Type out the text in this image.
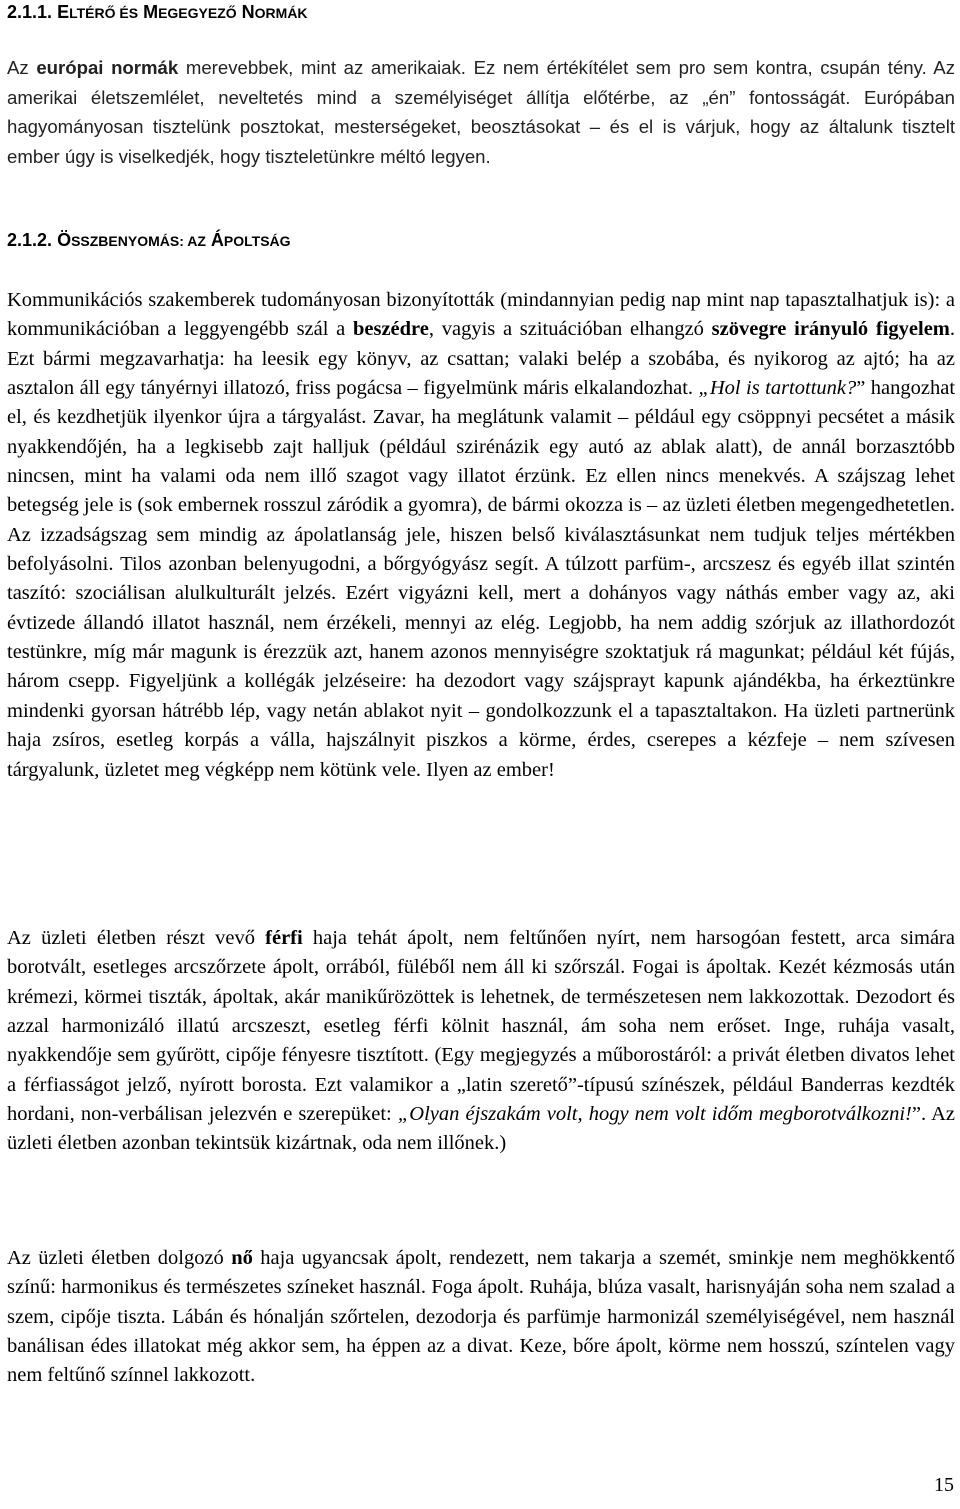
2.1.1. ELTÉRŐ ÉS MEGEGYEZŐ NORMÁK

Az európai normák merevebbek, mint az amerikaiak. Ez nem értékítélet sem pro sem kontra, csupán tény. Az amerikai életszemlélet, neveltetés mind a személyiséget állítja előtérbe, az „én” fontosságát. Európában hagyományosan tisztelünk posztokat, mesterségeket, beosztásokat – és el is várjuk, hogy az általunk tisztelt ember úgy is viselkedjék, hogy tiszteletünkre méltó legyen.

2.1.2. ÖSSZBENYOMÁS: AZ ÁPOLTSÁG

Kommunikációs szakemberek tudományosan bizonyították (mindannyian pedig nap mint nap tapasztalhatjuk is): a kommunikációban a leggyengébb szál a beszédre, vagyis a szituációban elhangzó szövegre irányuló figyelem. Ezt bármi megzavarhatja: ha leesik egy könyv, az csattan; valaki belép a szobába, és nyikorog az ajtó; ha az asztalon áll egy tányérnyi illatozó, friss pogácsa – figyelmünk máris elkalandozhat. „Hol is tartottunk?” hangozhat el, és kezdhetjük ilyenkor újra a tárgyalást. Zavar, ha meglátunk valamit – például egy csöppnyi pecsétet a másik nyakkendőjén, ha a legkisebb zajt halljuk (például szirénázik egy autó az ablak alatt), de annál borzasztóbb nincsen, mint ha valami oda nem illő szagot vagy illatot érzünk. Ez ellen nincs menekvés. A szájszag lehet betegség jele is (sok embernek rosszul záródik a gyomra), de bármi okozza is – az üzleti életben megengedhetetlen. Az izzadságszag sem mindig az ápolatlanság jele, hiszen belső kiválasztásunkat nem tudjuk teljes mértékben befolyásolni. Tilos azonban belenyugodni, a bőrgyógyász segít. A túlzott parfüm-, arcszesz és egyéb illat szintén taszító: szociálisan alulkulturált jelzés. Ezért vigyázni kell, mert a dohányos vagy náthás ember vagy az, aki évtizede állandó illatot használ, nem érzékeli, mennyi az elég. Legjobb, ha nem addig szórjuk az illathordozót testünkre, míg már magunk is érezzük azt, hanem azonos mennyiségre szoktatjuk rá magunkat; például két fújás, három csepp. Figyeljünk a kollégák jelzéseire: ha dezodort vagy szájsprayt kapunk ajándékba, ha érkeztünkre mindenki gyorsan hátrébb lép, vagy netán ablakot nyit – gondolkozzunk el a tapasztaltakon. Ha üzleti partnerünk haja zsíros, esetleg korpás a válla, hajszálnyit piszkos a körme, érdes, cserepes a kézfeje – nem szívesen tárgyalunk, üzletet meg végképp nem kötünk vele. Ilyen az ember!

Az üzleti életben részt vevő férfi haja tehát ápolt, nem feltűnően nyírt, nem harsogóan festett, arca simára borotvált, esetleges arcszőrzete ápolt, orrából, füléből nem áll ki szőrszál. Fogai is ápoltak. Kezét kézmosás után krémezi, körmei tiszták, ápoltak, akár manikűrözöttek is lehetnek, de természetesen nem lakkozottak. Dezodort és azzal harmonizáló illatú arcszeszt, esetleg férfi kölnit használ, ám soha nem erőset. Inge, ruhája vasalt, nyakkendője sem gyűrött, cipője fényesre tisztított. (Egy megjegyzés a műborostáról: a privát életben divatos lehet a férfiasságot jelző, nyírott borosta. Ezt valamikor a „latin szerető”-típusú színészek, például Banderras kezdték hordani, non-verbálisan jelezvén e szerepüket: „Olyan éjszakám volt, hogy nem volt időm megborotválkozni!”. Az üzleti életben azonban tekintsük kizártnak, oda nem illőnek.)

Az üzleti életben dolgozó nő haja ugyancsak ápolt, rendezett, nem takarja a szemét, sminkje nem meghökkentő színű: harmonikus és természetes színeket használ. Foga ápolt. Ruhája, blúza vasalt, harisnyáján soha nem szalad a szem, cipője tiszta. Lábán és hónalján szőrtelen, dezodorja és parfümje harmonizál személyiségével, nem használ banálisan édes illatokat még akkor sem, ha éppen az a divat. Keze, bőre ápolt, körme nem hosszú, színtelen vagy nem feltűnő színnel lakkozott.

15
